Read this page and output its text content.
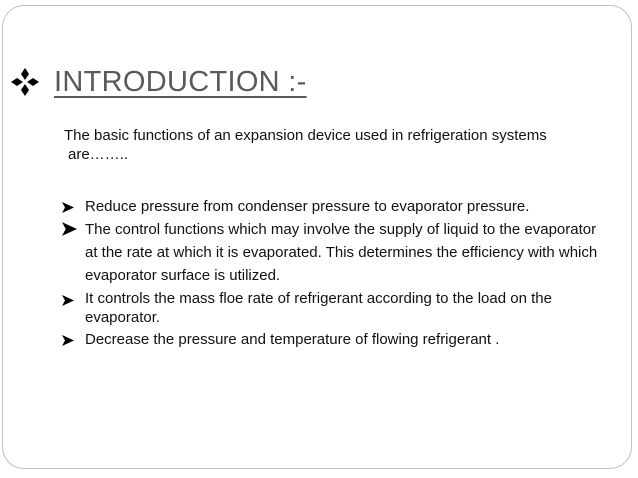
INTRODUCTION :-
The basic functions of an expansion device used in refrigeration systems
are……..
Reduce pressure from condenser pressure to evaporator pressure.
The control functions which may involve the supply of liquid to the evaporator at the rate at which it is evaporated. This determines the efficiency with which evaporator surface is utilized.
It controls the mass floe rate of refrigerant according to the load on the evaporator.
Decrease the pressure and temperature of flowing refrigerant .
